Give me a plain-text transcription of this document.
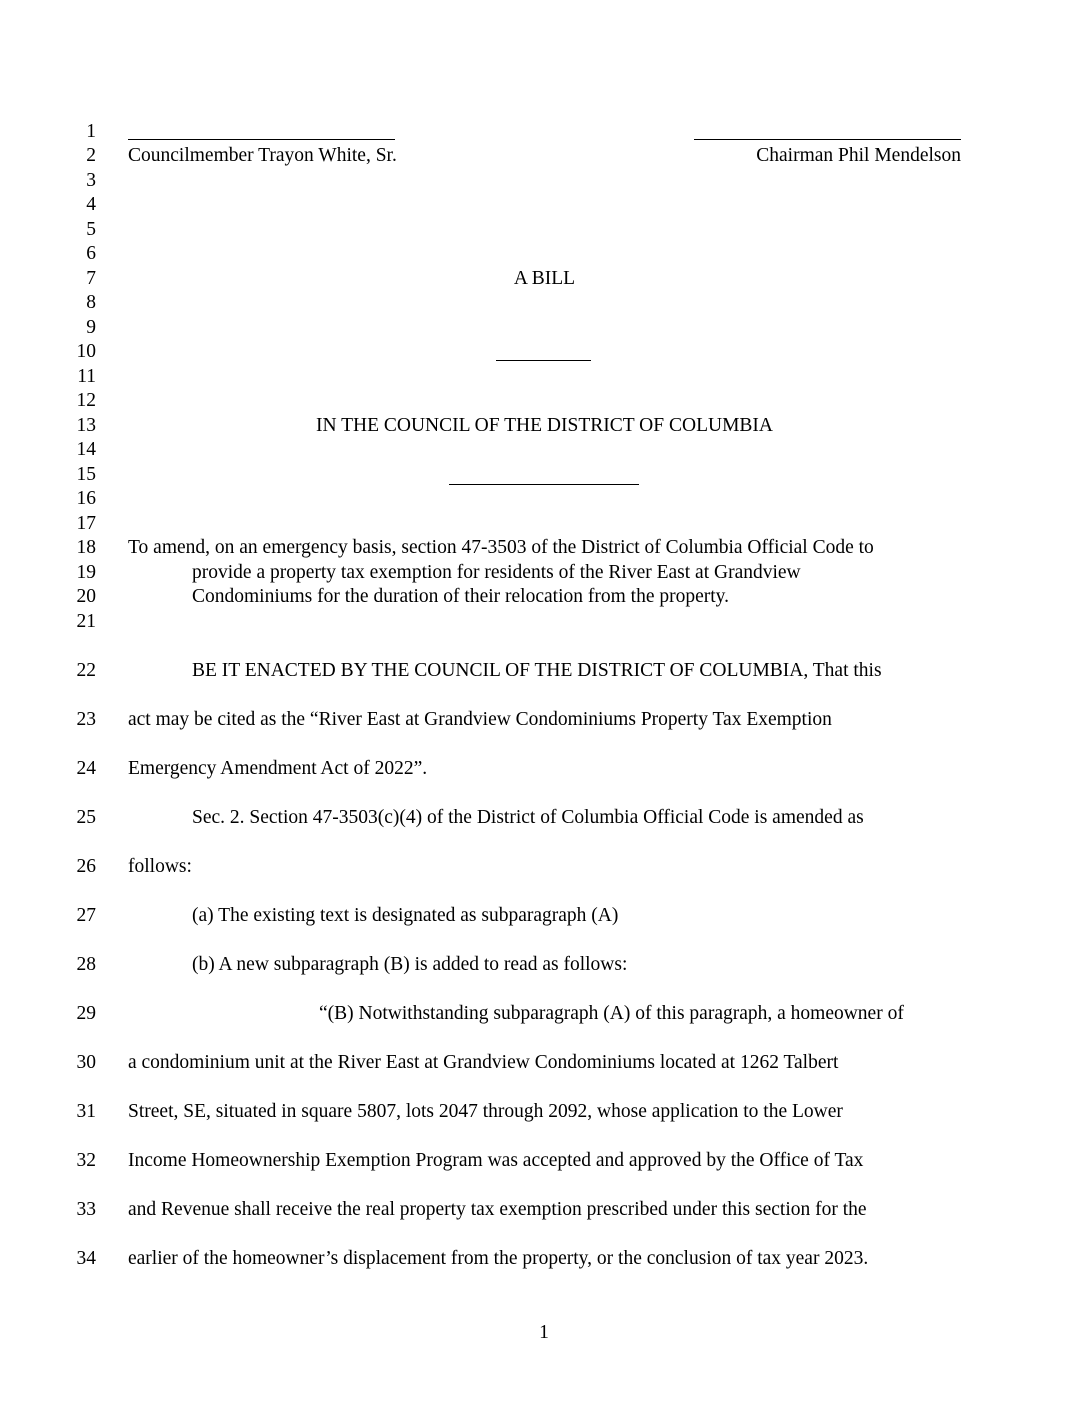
1
2
3
4
5
6
7
8
9
10
11
12
13
14
15
16
17
18
19
20
21
22
23
24
25
26
27
28
29
30
31
32
33
34
Councilmember Trayon White, Sr.	Chairman Phil Mendelson
A BILL
IN THE COUNCIL OF THE DISTRICT OF COLUMBIA
To amend, on an emergency basis, section 47-3503 of the District of Columbia Official Code to
provide a property tax exemption for residents of the River East at Grandview
Condominiums for the duration of their relocation from the property.
BE IT ENACTED BY THE COUNCIL OF THE DISTRICT OF COLUMBIA, That this
act may be cited as the “River East at Grandview Condominiums Property Tax Exemption
Emergency Amendment Act of 2022”.
Sec. 2. Section 47-3503(c)(4) of the District of Columbia Official Code is amended as
follows:
(a) The existing text is designated as subparagraph (A)
(b) A new subparagraph (B) is added to read as follows:
“(B) Notwithstanding subparagraph (A) of this paragraph, a homeowner of
a condominium unit at the River East at Grandview Condominiums located at 1262 Talbert
Street, SE, situated in square 5807, lots 2047 through 2092, whose application to the Lower
Income Homeownership Exemption Program was accepted and approved by the Office of Tax
and Revenue shall receive the real property tax exemption prescribed under this section for the
earlier of the homeowner’s displacement from the property, or the conclusion of tax year 2023.
1
